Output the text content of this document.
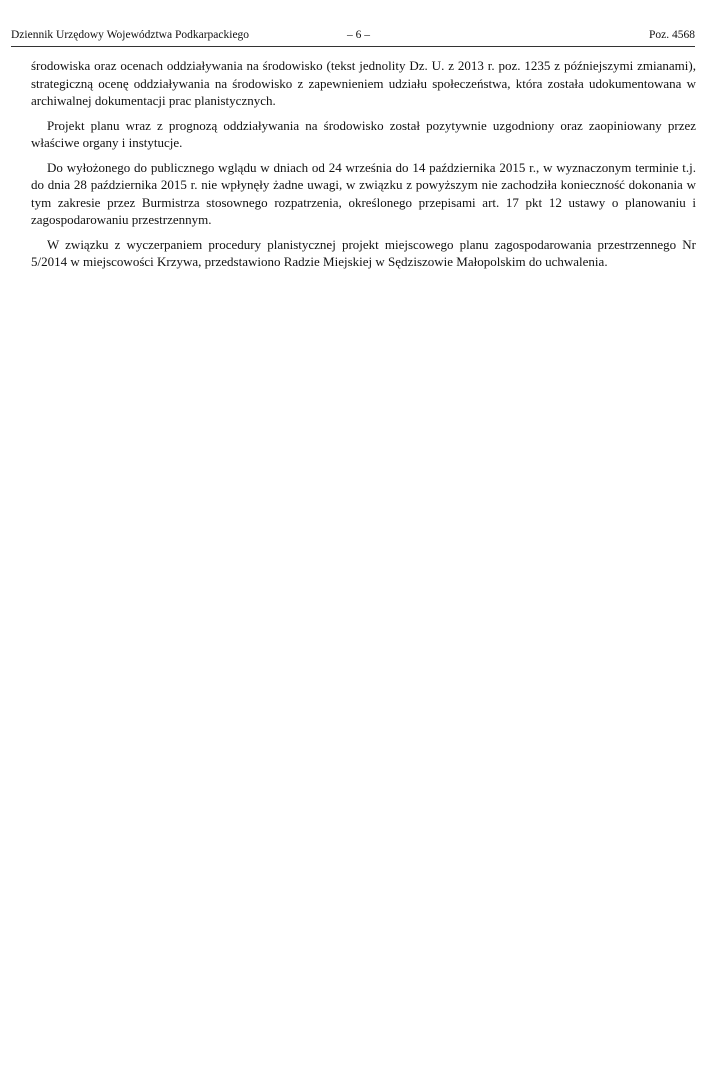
Dziennik Urzędowy Województwa Podkarpackiego	– 6 –	Poz. 4568

środowiska oraz ocenach oddziaływania na środowisko (tekst jednolity Dz. U. z 2013 r. poz. 1235 z późniejszymi zmianami), strategiczną ocenę oddziaływania na środowisko z zapewnieniem udziału społeczeństwa, która została udokumentowana w archiwalnej dokumentacji prac planistycznych.

Projekt planu wraz z prognozą oddziaływania na środowisko został pozytywnie uzgodniony oraz zaopiniowany przez właściwe organy i instytucje.

Do wyłożonego do publicznego wglądu w dniach od 24 września do 14 października 2015 r., w wyznaczonym terminie t.j. do dnia 28 października 2015 r. nie wpłynęły żadne uwagi, w związku z powyższym nie zachodziła konieczność dokonania w tym zakresie przez Burmistrza stosownego rozpatrzenia, określonego przepisami art. 17 pkt 12 ustawy o planowaniu i zagospodarowaniu przestrzennym.

W związku z wyczerpaniem procedury planistycznej projekt miejscowego planu zagospodarowania przestrzennego Nr 5/2014 w miejscowości Krzywa, przedstawiono Radzie Miejskiej w Sędziszowie Małopolskim do uchwalenia.
